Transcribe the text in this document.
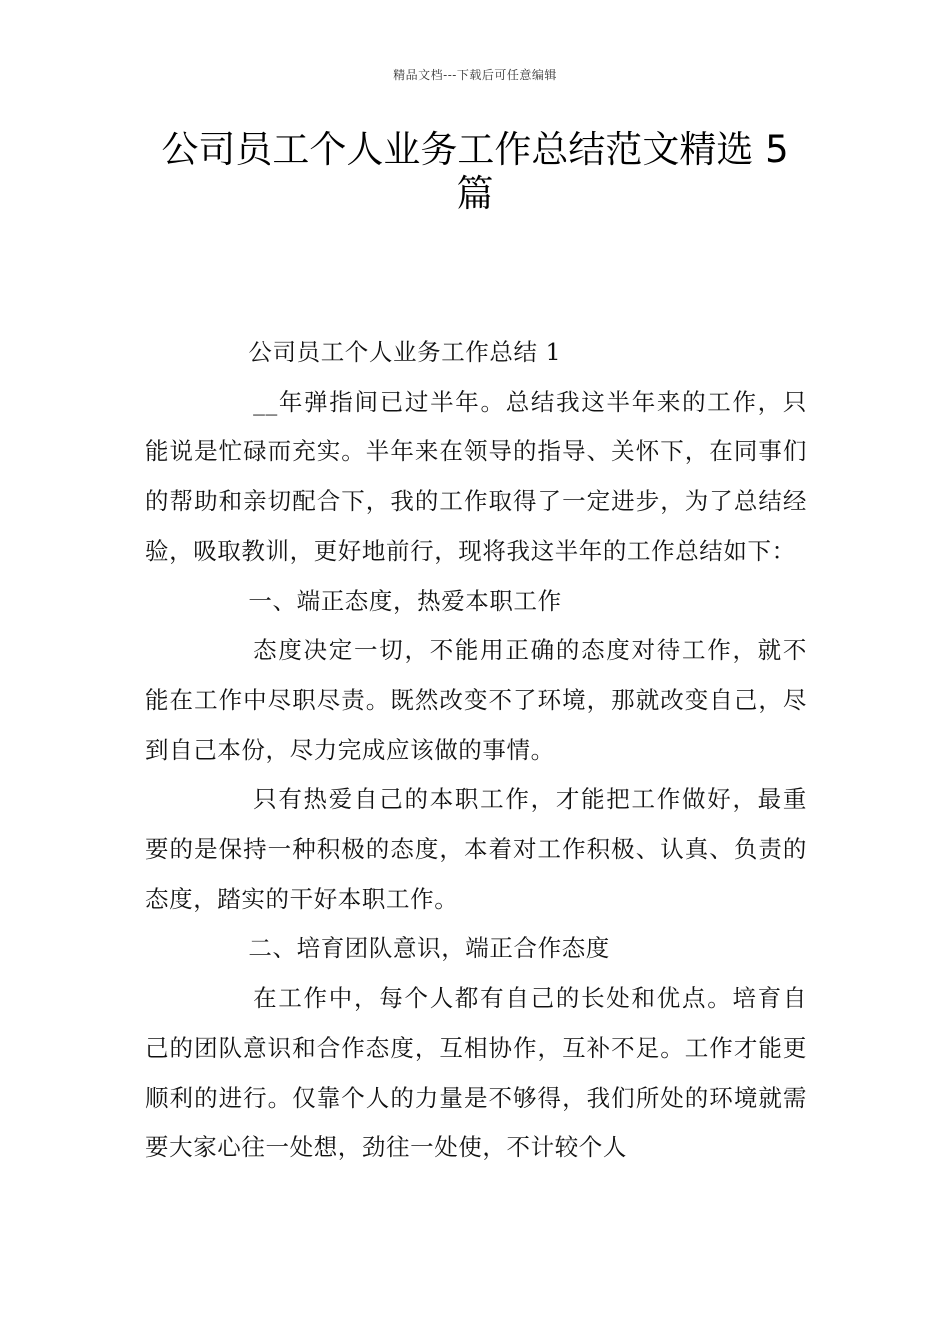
精品文档---下载后可任意编辑
公司员工个人业务工作总结范文精选 5 篇

公司员工个人业务工作总结 1

__年弹指间已过半年。总结我这半年来的工作，只能说是忙碌而充实。半年来在领导的指导、关怀下，在同事们的帮助和亲切配合下，我的工作取得了一定进步，为了总结经验，吸取教训，更好地前行，现将我这半年的工作总结如下：

一、端正态度，热爱本职工作

态度决定一切，不能用正确的态度对待工作，就不能在工作中尽职尽责。既然改变不了环境，那就改变自己，尽到自己本份，尽力完成应该做的事情。

只有热爱自己的本职工作，才能把工作做好，最重要的是保持一种积极的态度，本着对工作积极、认真、负责的态度，踏实的干好本职工作。

二、培育团队意识，端正合作态度

在工作中，每个人都有自己的长处和优点。培育自己的团队意识和合作态度，互相协作，互补不足。工作才能更顺利的进行。仅靠个人的力量是不够得，我们所处的环境就需要大家心往一处想，劲往一处使，不计较个人
